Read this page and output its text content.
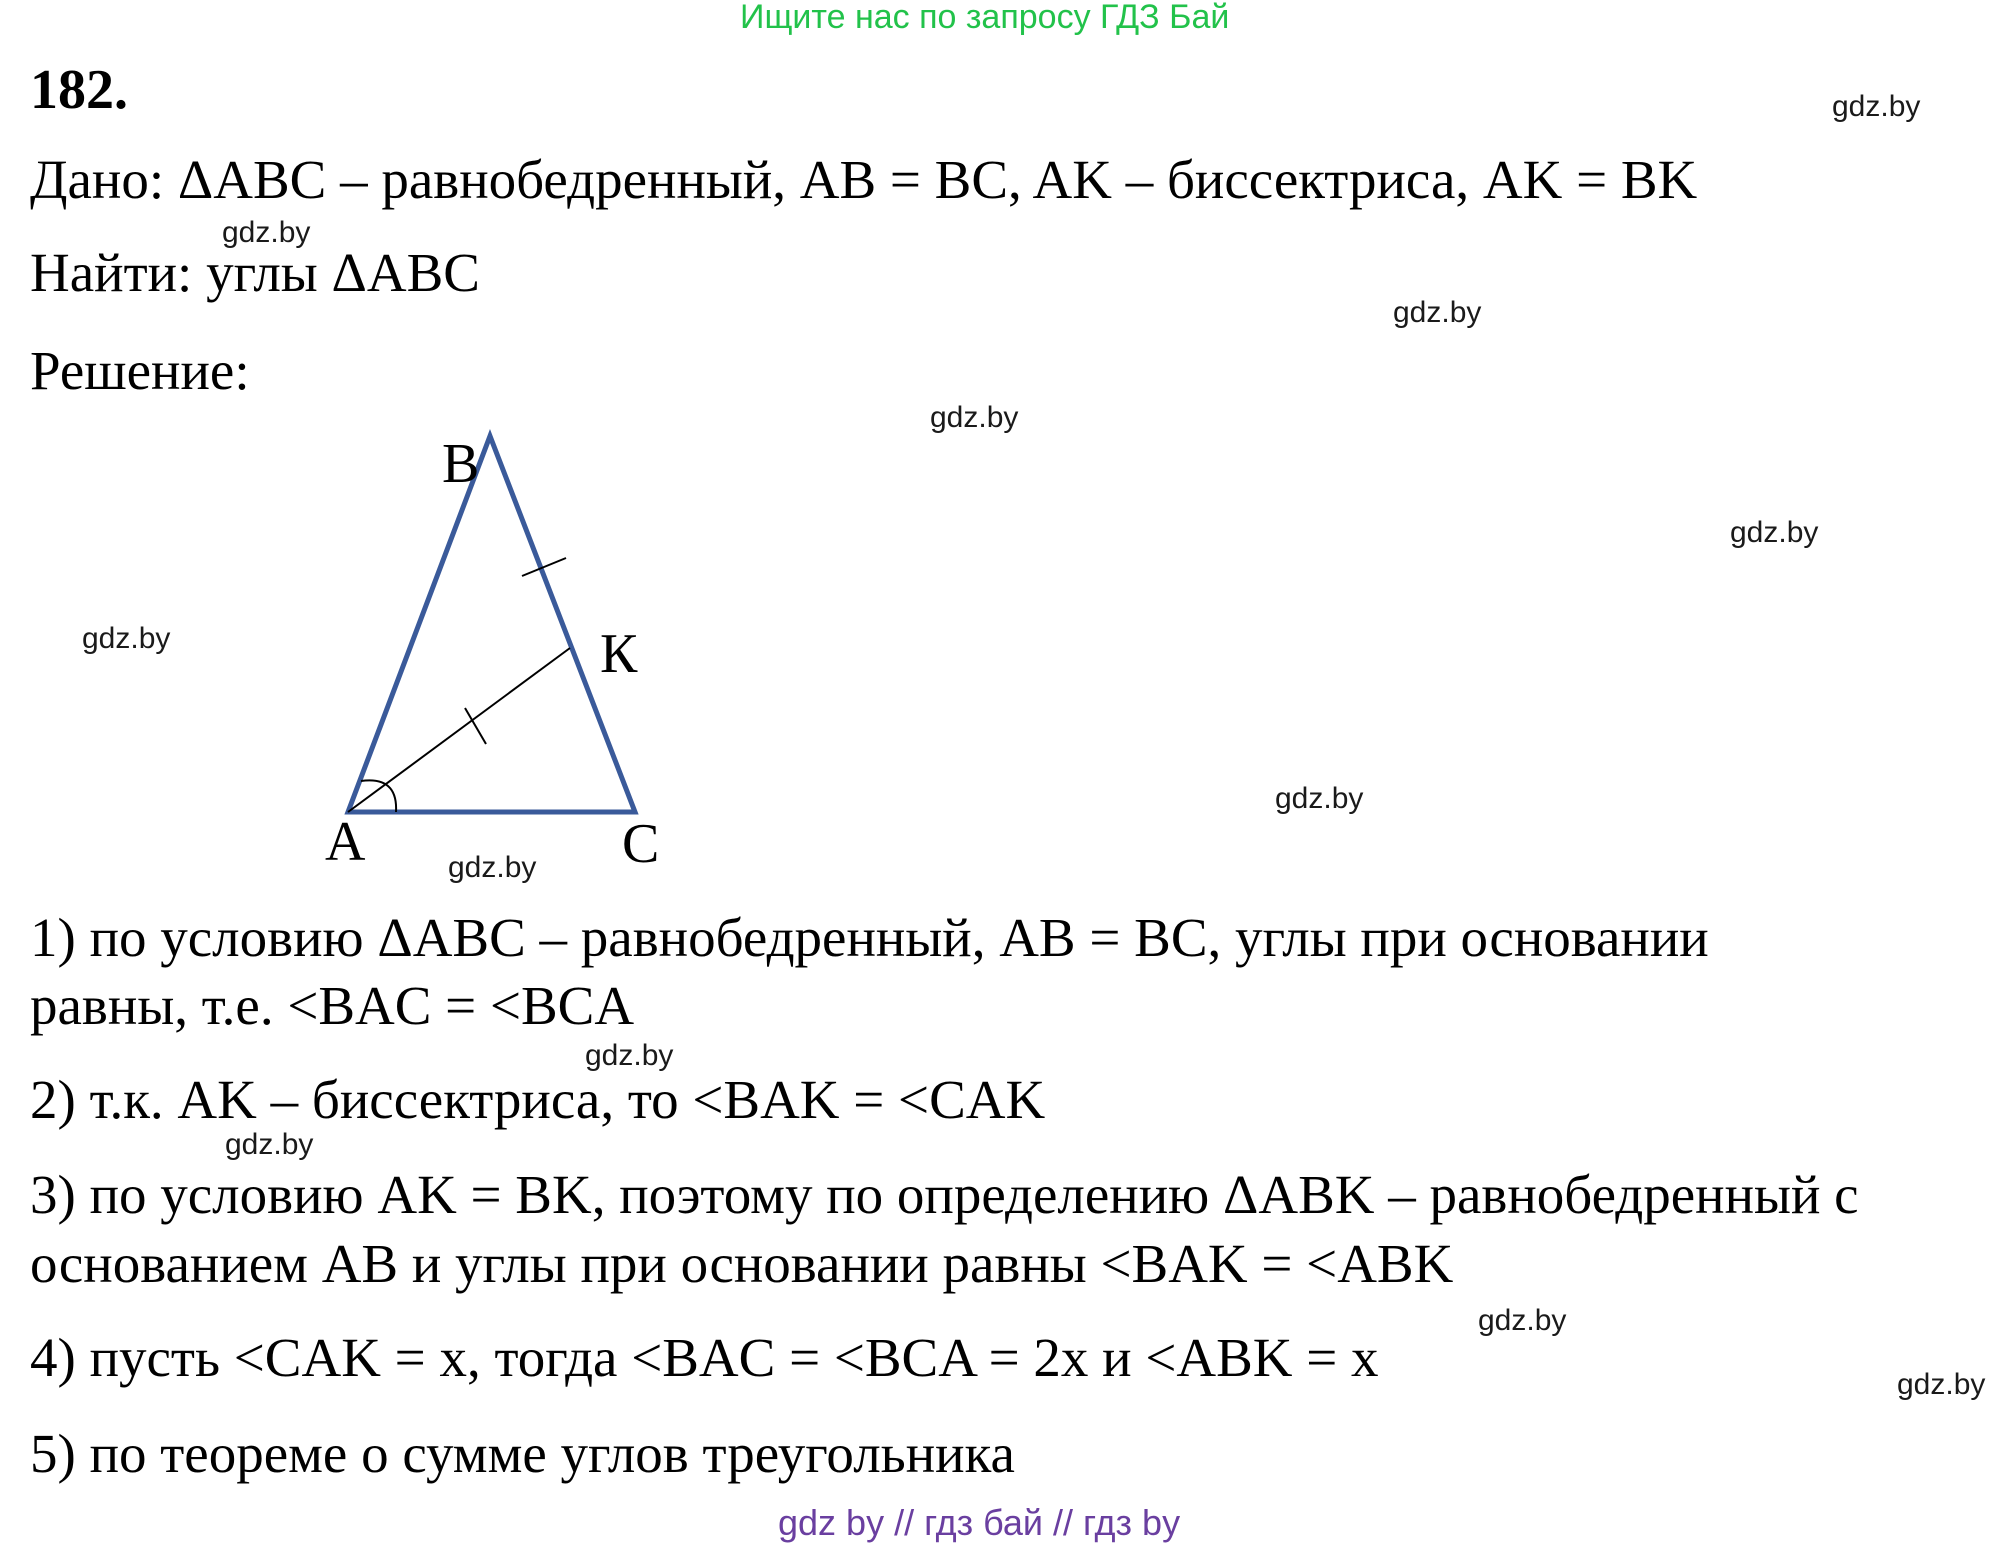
Ищите нас по запросу ГДЗ Бай
182.
Дано: ΔABC – равнобедренный, AB = BC, AK – биссектриса, AK = BK
Найти: углы ΔABC
Решение:
B
К
A	C
1) по условию ΔABC – равнобедренный, AB = BC, углы при основании
равны, т.е. <BAC = <BCA
2) т.к. AK – биссектриса, то <BAK = <CAK
3) по условию AK = BK, поэтому по определению ΔABK – равнобедренный с
основанием AB и углы при основании равны <BAK = <ABK
4) пусть <CAK = x, тогда <BAC = <BCA = 2x и <ABK = x
5) по теореме о сумме углов треугольника
gdz.by
gdz.by
gdz.by
gdz.by
gdz.by
gdz.by
gdz.by
gdz.by
gdz.by
gdz.by
gdz.by
gdz.by
gdz by // гдз бай // гдз by
